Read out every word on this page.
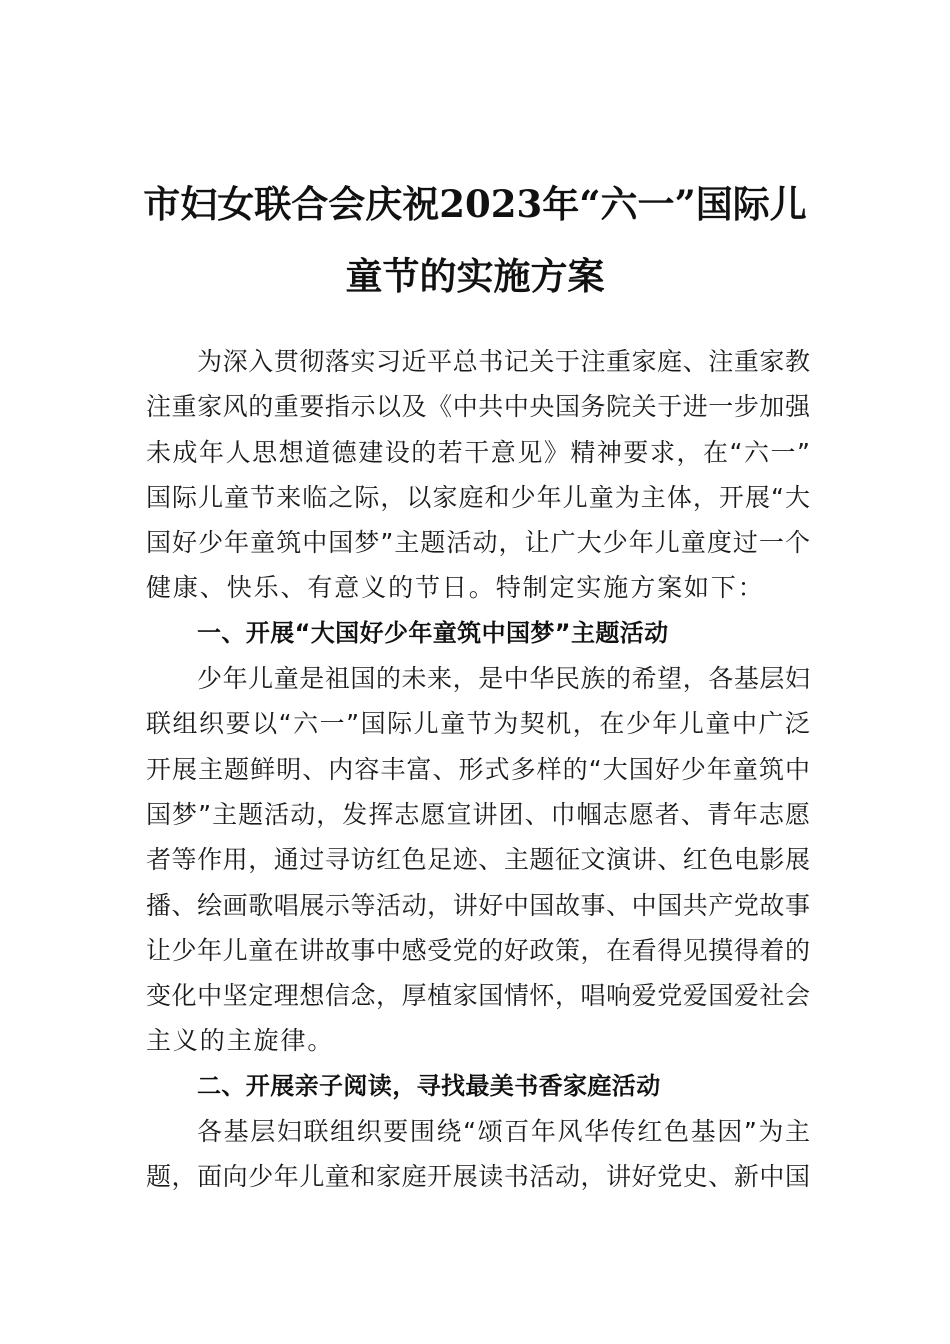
市妇女联合会庆祝2023年“六一”国际儿
童节的实施方案
为深入贯彻落实习近平总书记关于注重家庭、注重家教
注重家风的重要指示以及《中共中央国务院关于进一步加强
未成年人思想道德建设的若干意见》精神要求，在“六一”
国际儿童节来临之际，以家庭和少年儿童为主体，开展“大
国好少年童筑中国梦”主题活动，让广大少年儿童度过一个
健康、快乐、有意义的节日。特制定实施方案如下：
一、开展“大国好少年童筑中国梦”主题活动
少年儿童是祖国的未来，是中华民族的希望，各基层妇
联组织要以“六一”国际儿童节为契机，在少年儿童中广泛
开展主题鲜明、内容丰富、形式多样的“大国好少年童筑中
国梦”主题活动，发挥志愿宣讲团、巾帼志愿者、青年志愿
者等作用，通过寻访红色足迹、主题征文演讲、红色电影展
播、绘画歌唱展示等活动，讲好中国故事、中国共产党故事
让少年儿童在讲故事中感受党的好政策，在看得见摸得着的
变化中坚定理想信念，厚植家国情怀，唱响爱党爱国爱社会
主义的主旋律。
二、开展亲子阅读，寻找最美书香家庭活动
各基层妇联组织要围绕“颂百年风华传红色基因”为主
题，面向少年儿童和家庭开展读书活动，讲好党史、新中国
